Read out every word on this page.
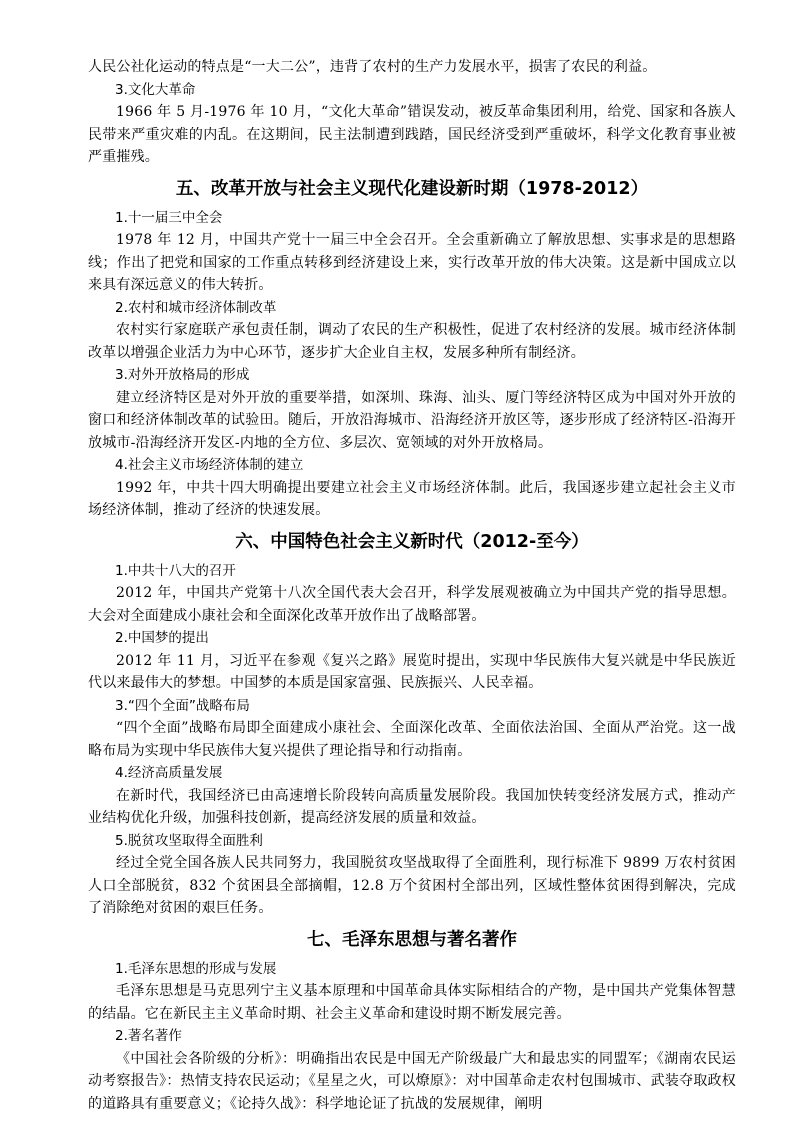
人民公社化运动的特点是“一大二公”，违背了农村的生产力发展水平，损害了农民的利益。

3.文化大革命

1966 年 5 月-1976 年 10 月，“文化大革命”错误发动，被反革命集团利用，给党、国家和各族人民带来严重灾难的内乱。在这期间，民主法制遭到践踏，国民经济受到严重破坏，科学文化教育事业被严重摧残。

五、改革开放与社会主义现代化建设新时期（1978-2012）

1.十一届三中全会

1978 年 12 月，中国共产党十一届三中全会召开。全会重新确立了解放思想、实事求是的思想路线；作出了把党和国家的工作重点转移到经济建设上来，实行改革开放的伟大决策。这是新中国成立以来具有深远意义的伟大转折。

2.农村和城市经济体制改革

农村实行家庭联产承包责任制，调动了农民的生产积极性，促进了农村经济的发展。城市经济体制改革以增强企业活力为中心环节，逐步扩大企业自主权，发展多种所有制经济。

3.对外开放格局的形成

建立经济特区是对外开放的重要举措，如深圳、珠海、汕头、厦门等经济特区成为中国对外开放的窗口和经济体制改革的试验田。随后，开放沿海城市、沿海经济开放区等，逐步形成了经济特区-沿海开放城市-沿海经济开发区-内地的全方位、多层次、宽领域的对外开放格局。

4.社会主义市场经济体制的建立

1992 年，中共十四大明确提出要建立社会主义市场经济体制。此后，我国逐步建立起社会主义市场经济体制，推动了经济的快速发展。

六、中国特色社会主义新时代（2012-至今）

1.中共十八大的召开

2012 年，中国共产党第十八次全国代表大会召开，科学发展观被确立为中国共产党的指导思想。大会对全面建成小康社会和全面深化改革开放作出了战略部署。

2.中国梦的提出

2012 年 11 月，习近平在参观《复兴之路》展览时提出，实现中华民族伟大复兴就是中华民族近代以来最伟大的梦想。中国梦的本质是国家富强、民族振兴、人民幸福。

3.“四个全面”战略布局

“四个全面”战略布局即全面建成小康社会、全面深化改革、全面依法治国、全面从严治党。这一战略布局为实现中华民族伟大复兴提供了理论指导和行动指南。

4.经济高质量发展

在新时代，我国经济已由高速增长阶段转向高质量发展阶段。我国加快转变经济发展方式，推动产业结构优化升级，加强科技创新，提高经济发展的质量和效益。

5.脱贫攻坚取得全面胜利

经过全党全国各族人民共同努力，我国脱贫攻坚战取得了全面胜利，现行标准下 9899 万农村贫困人口全部脱贫，832 个贫困县全部摘帽，12.8 万个贫困村全部出列，区域性整体贫困得到解决，完成了消除绝对贫困的艰巨任务。

七、毛泽东思想与著名著作

1.毛泽东思想的形成与发展

毛泽东思想是马克思列宁主义基本原理和中国革命具体实际相结合的产物，是中国共产党集体智慧的结晶。它在新民主主义革命时期、社会主义革命和建设时期不断发展完善。

2.著名著作

《中国社会各阶级的分析》：明确指出农民是中国无产阶级最广大和最忠实的同盟军；《湖南农民运动考察报告》：热情支持农民运动；《星星之火，可以燎原》：对中国革命走农村包围城市、武装夺取政权的道路具有重要意义；《论持久战》：科学地论证了抗战的发展规律，阐明
